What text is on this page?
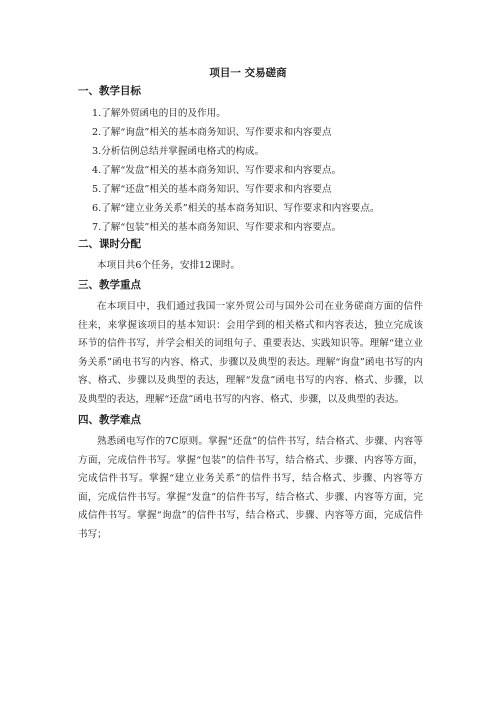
项目一 交易磋商
一、教学目标
1.了解外贸函电的目的及作用。
2.了解“询盘”相关的基本商务知识、写作要求和内容要点
3.分析信例总结并掌握函电格式的构成。
4.了解“发盘”相关的基本商务知识、写作要求和内容要点。
5.了解“还盘”相关的基本商务知识、写作要求和内容要点
6.了解“建立业务关系”相关的基本商务知识、写作要求和内容要点。
7.了解“包装”相关的基本商务知识、写作要求和内容要点。
二、课时分配

本项目共6个任务，安排12课时。

三、教学重点

在本项目中，我们通过我国一家外贸公司与国外公司在业务磋商方面的信件往来，来掌握该项目的基本知识：会用学到的相关格式和内容表达，独立完成该环节的信件书写，并学会相关的词组句子、重要表达、实践知识等。理解“建立业务关系”函电书写的内容、格式、步骤以及典型的表达。理解“询盘”函电书写的内容、格式、步骤以及典型的表达，理解“发盘”函电书写的内容、格式、步骤，以及典型的表达，理解“还盘”函电书写的内容、格式、步骤，以及典型的表达。

四、教学难点

熟悉函电写作的7C原则。掌握“还盘”的信件书写，结合格式、步骤、内容等方面，完成信件书写。掌握“包装”的信件书写，结合格式、步骤、内容等方面，完成信件书写。掌握“建立业务关系”的信件书写，结合格式、步骤、内容等方面，完成信件书写。掌握“发盘”的信件书写，结合格式、步骤、内容等方面，完成信件书写。掌握“询盘”的信件书写，结合格式、步骤、内容等方面，完成信件书写；
